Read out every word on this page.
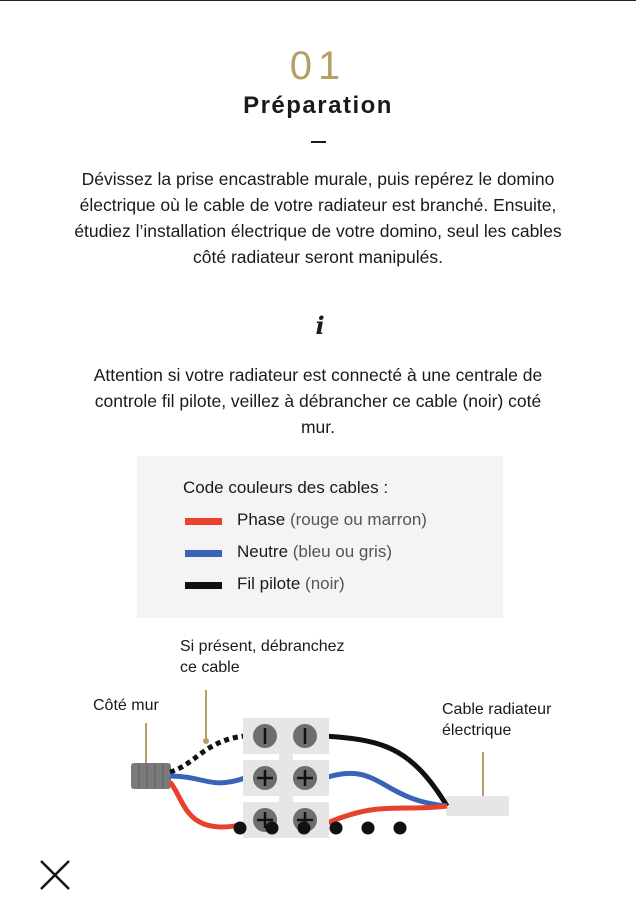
01
Préparation
Dévissez la prise encastrable murale, puis repérez le domino électrique où le cable de votre radiateur est branché. Ensuite, étudiez l’installation électrique de votre domino, seul les cables côté radiateur seront manipulés.
i
Attention si votre radiateur est connecté à une centrale de controle fil pilote, veillez à débrancher ce cable (noir) coté mur.
Code couleurs des cables :
Phase (rouge ou marron)
Neutre (bleu ou gris)
Fil pilote (noir)
Si présent, débranchez
ce cable
Côté mur	Cable radiateur
électrique
